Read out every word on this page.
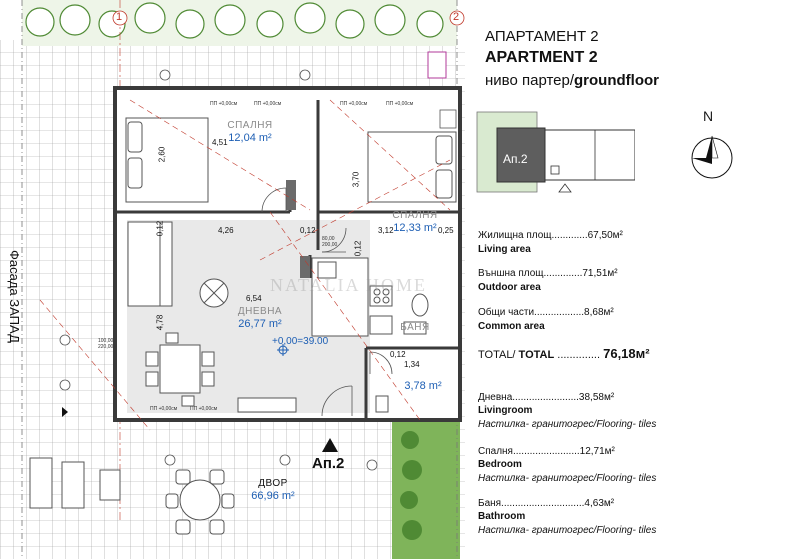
1	2
СПАЛНЯ
12,04 m²
СПАЛНЯ
12,33 m²
ДНЕВНА
26,77 m²	БАНЯ
3,78 m²
ДВОР
66,96 m²
4,51
2,60
3,70
3,12	0,25
0,12
0,12
0,12
0,12
4,26
6,54
4,78
1,34
ПП +0,00см	ПП +0,00см	ПП +0,00см	ПП +0,00см
ПП +0,00см	ПП +0,00см
80,00
200,00
100,00
220,00	+0,00=39.00
Фасада ЗАПАД
Ап.2
NATALIA HOME
АПАРТАМЕНТ 2
APARTMENT 2
ниво партер/groundfloor
Ап.2
N
Жилищна площ.............67,50м²
Living area
Външна площ..............71,51м²
Outdoor area
Общи части..................8,68м²
Common area
TOTAL/ TOTAL .............. 76,18м²
Дневна........................38,58м²
Livingroom
Настилка- гранитогрес/Flooring- tiles
Спалня........................12,71м²
Bedroom
Настилка- гранитогрес/Flooring- tiles
Баня..............................4,63м²
Bathroom
Настилка- гранитогрес/Flooring- tiles
